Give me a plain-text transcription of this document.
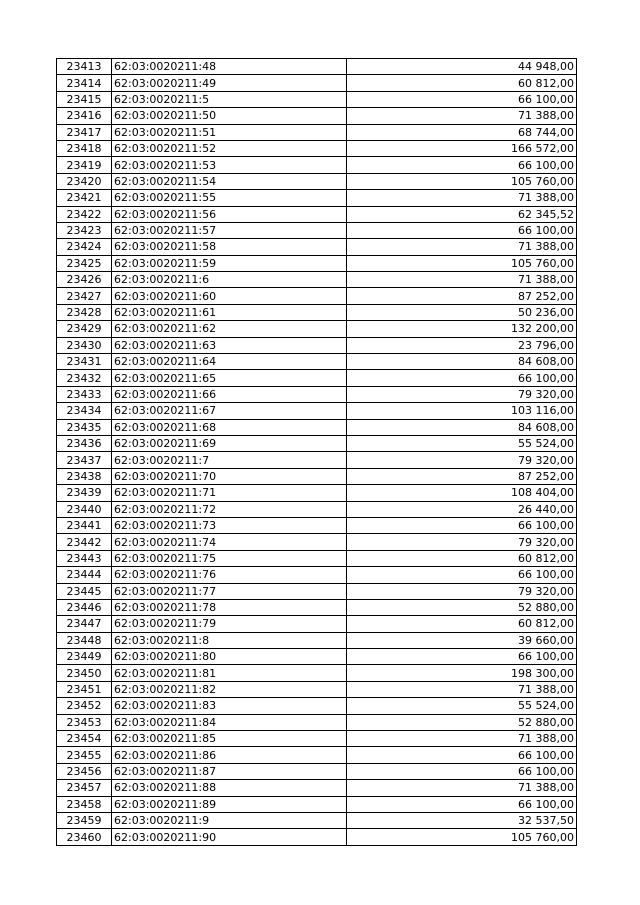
23413	62:03:0020211:48	44 948,00
23414	62:03:0020211:49	60 812,00
23415	62:03:0020211:5	66 100,00
23416	62:03:0020211:50	71 388,00
23417	62:03:0020211:51	68 744,00
23418	62:03:0020211:52	166 572,00
23419	62:03:0020211:53	66 100,00
23420	62:03:0020211:54	105 760,00
23421	62:03:0020211:55	71 388,00
23422	62:03:0020211:56	62 345,52
23423	62:03:0020211:57	66 100,00
23424	62:03:0020211:58	71 388,00
23425	62:03:0020211:59	105 760,00
23426	62:03:0020211:6	71 388,00
23427	62:03:0020211:60	87 252,00
23428	62:03:0020211:61	50 236,00
23429	62:03:0020211:62	132 200,00
23430	62:03:0020211:63	23 796,00
23431	62:03:0020211:64	84 608,00
23432	62:03:0020211:65	66 100,00
23433	62:03:0020211:66	79 320,00
23434	62:03:0020211:67	103 116,00
23435	62:03:0020211:68	84 608,00
23436	62:03:0020211:69	55 524,00
23437	62:03:0020211:7	79 320,00
23438	62:03:0020211:70	87 252,00
23439	62:03:0020211:71	108 404,00
23440	62:03:0020211:72	26 440,00
23441	62:03:0020211:73	66 100,00
23442	62:03:0020211:74	79 320,00
23443	62:03:0020211:75	60 812,00
23444	62:03:0020211:76	66 100,00
23445	62:03:0020211:77	79 320,00
23446	62:03:0020211:78	52 880,00
23447	62:03:0020211:79	60 812,00
23448	62:03:0020211:8	39 660,00
23449	62:03:0020211:80	66 100,00
23450	62:03:0020211:81	198 300,00
23451	62:03:0020211:82	71 388,00
23452	62:03:0020211:83	55 524,00
23453	62:03:0020211:84	52 880,00
23454	62:03:0020211:85	71 388,00
23455	62:03:0020211:86	66 100,00
23456	62:03:0020211:87	66 100,00
23457	62:03:0020211:88	71 388,00
23458	62:03:0020211:89	66 100,00
23459	62:03:0020211:9	32 537,50
23460	62:03:0020211:90	105 760,00
